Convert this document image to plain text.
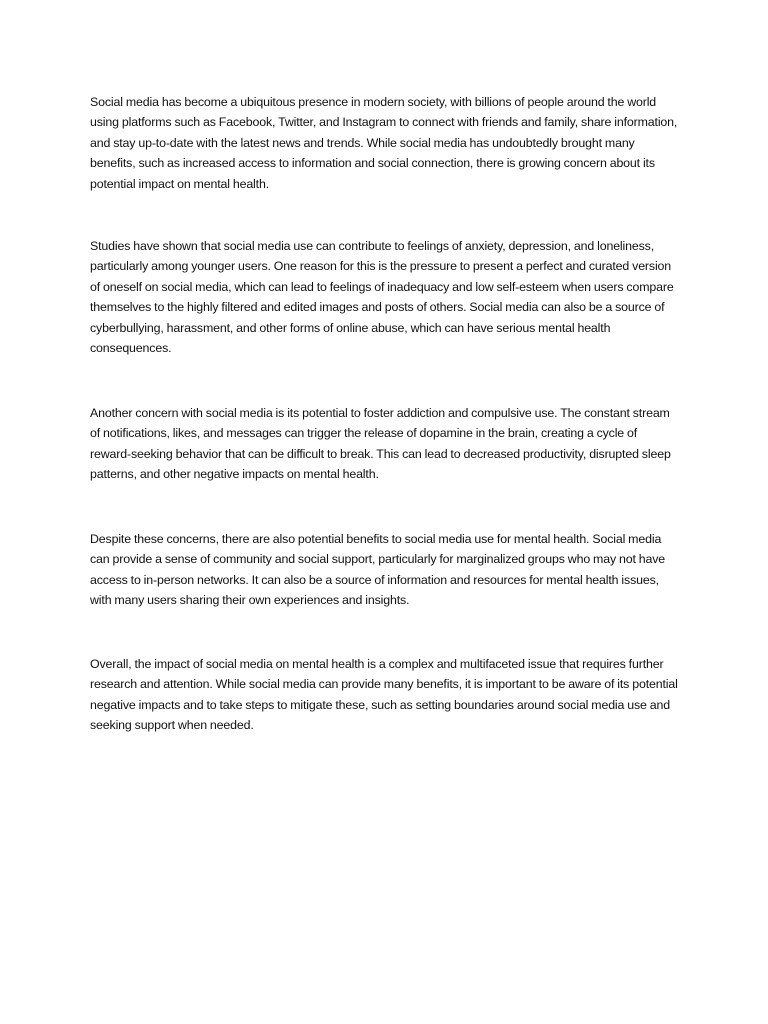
Social media has become a ubiquitous presence in modern society, with billions of people around the world using platforms such as Facebook, Twitter, and Instagram to connect with friends and family, share information, and stay up-to-date with the latest news and trends. While social media has undoubtedly brought many benefits, such as increased access to information and social connection, there is growing concern about its potential impact on mental health.

Studies have shown that social media use can contribute to feelings of anxiety, depression, and loneliness, particularly among younger users. One reason for this is the pressure to present a perfect and curated version of oneself on social media, which can lead to feelings of inadequacy and low self-esteem when users compare themselves to the highly filtered and edited images and posts of others. Social media can also be a source of cyberbullying, harassment, and other forms of online abuse, which can have serious mental health consequences.

Another concern with social media is its potential to foster addiction and compulsive use. The constant stream of notifications, likes, and messages can trigger the release of dopamine in the brain, creating a cycle of reward-seeking behavior that can be difficult to break. This can lead to decreased productivity, disrupted sleep patterns, and other negative impacts on mental health.

Despite these concerns, there are also potential benefits to social media use for mental health. Social media can provide a sense of community and social support, particularly for marginalized groups who may not have access to in-person networks. It can also be a source of information and resources for mental health issues, with many users sharing their own experiences and insights.

Overall, the impact of social media on mental health is a complex and multifaceted issue that requires further research and attention. While social media can provide many benefits, it is important to be aware of its potential negative impacts and to take steps to mitigate these, such as setting boundaries around social media use and seeking support when needed.
